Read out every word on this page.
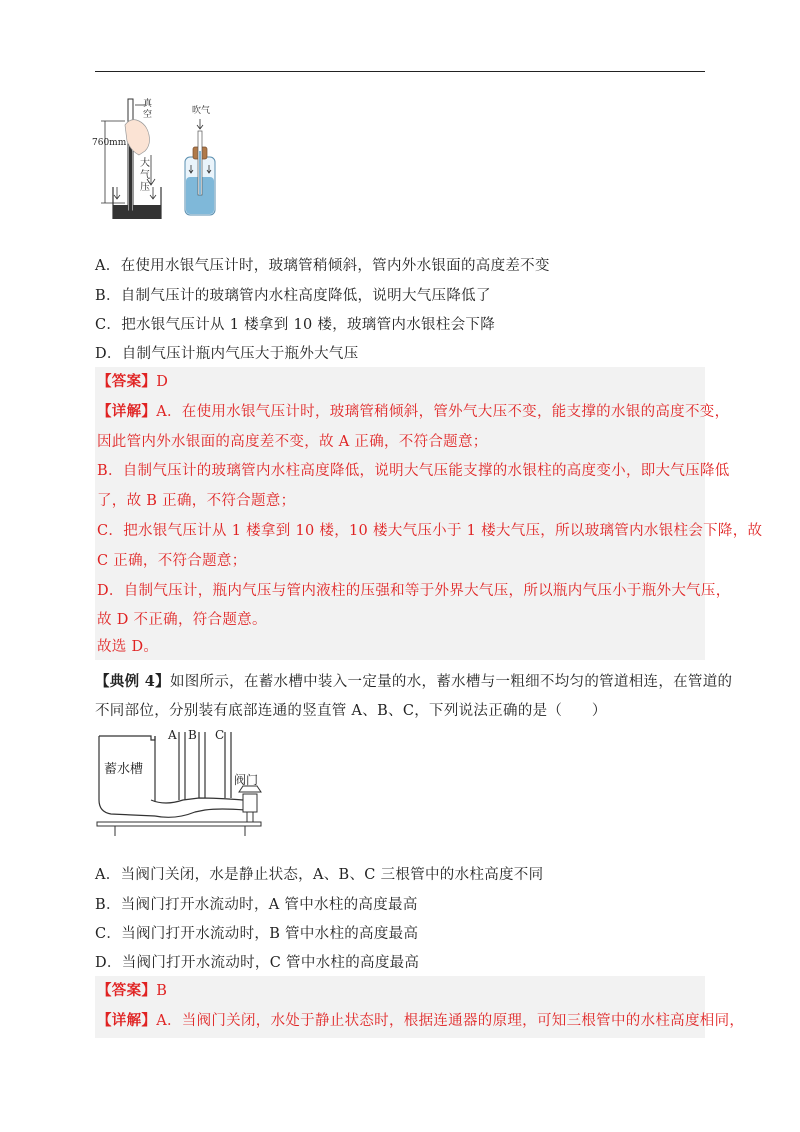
真空
760mm
大气压
吹气
A．在使用水银气压计时，玻璃管稍倾斜，管内外水银面的高度差不变
B．自制气压计的玻璃管内水柱高度降低，说明大气压降低了
C．把水银气压计从 1 楼拿到 10 楼，玻璃管内水银柱会下降
D．自制气压计瓶内气压大于瓶外大气压
【答案】D
【详解】A．在使用水银气压计时，玻璃管稍倾斜，管外气大压不变，能支撑的水银的高度不变，
因此管内外水银面的高度差不变，故 A 正确，不符合题意；
B．自制气压计的玻璃管内水柱高度降低，说明大气压能支撑的水银柱的高度变小，即大气压降低
了，故 B 正确，不符合题意；
C．把水银气压计从 1 楼拿到 10 楼，10 楼大气压小于 1 楼大气压，所以玻璃管内水银柱会下降，故
C 正确，不符合题意；
D．自制气压计，瓶内气压与管内液柱的压强和等于外界大气压，所以瓶内气压小于瓶外大气压，
故 D 不正确，符合题意。
故选 D。
【典例 4】如图所示，在蓄水槽中装入一定量的水，蓄水槽与一粗细不均匀的管道相连，在管道的
不同部位，分别装有底部连通的竖直管 A、B、C，下列说法正确的是（　　）
蓄水槽
A B C
阀门
A．当阀门关闭，水是静止状态，A、B、C 三根管中的水柱高度不同
B．当阀门打开水流动时，A 管中水柱的高度最高
C．当阀门打开水流动时，B 管中水柱的高度最高
D．当阀门打开水流动时，C 管中水柱的高度最高
【答案】B
【详解】A．当阀门关闭，水处于静止状态时，根据连通器的原理，可知三根管中的水柱高度相同，
